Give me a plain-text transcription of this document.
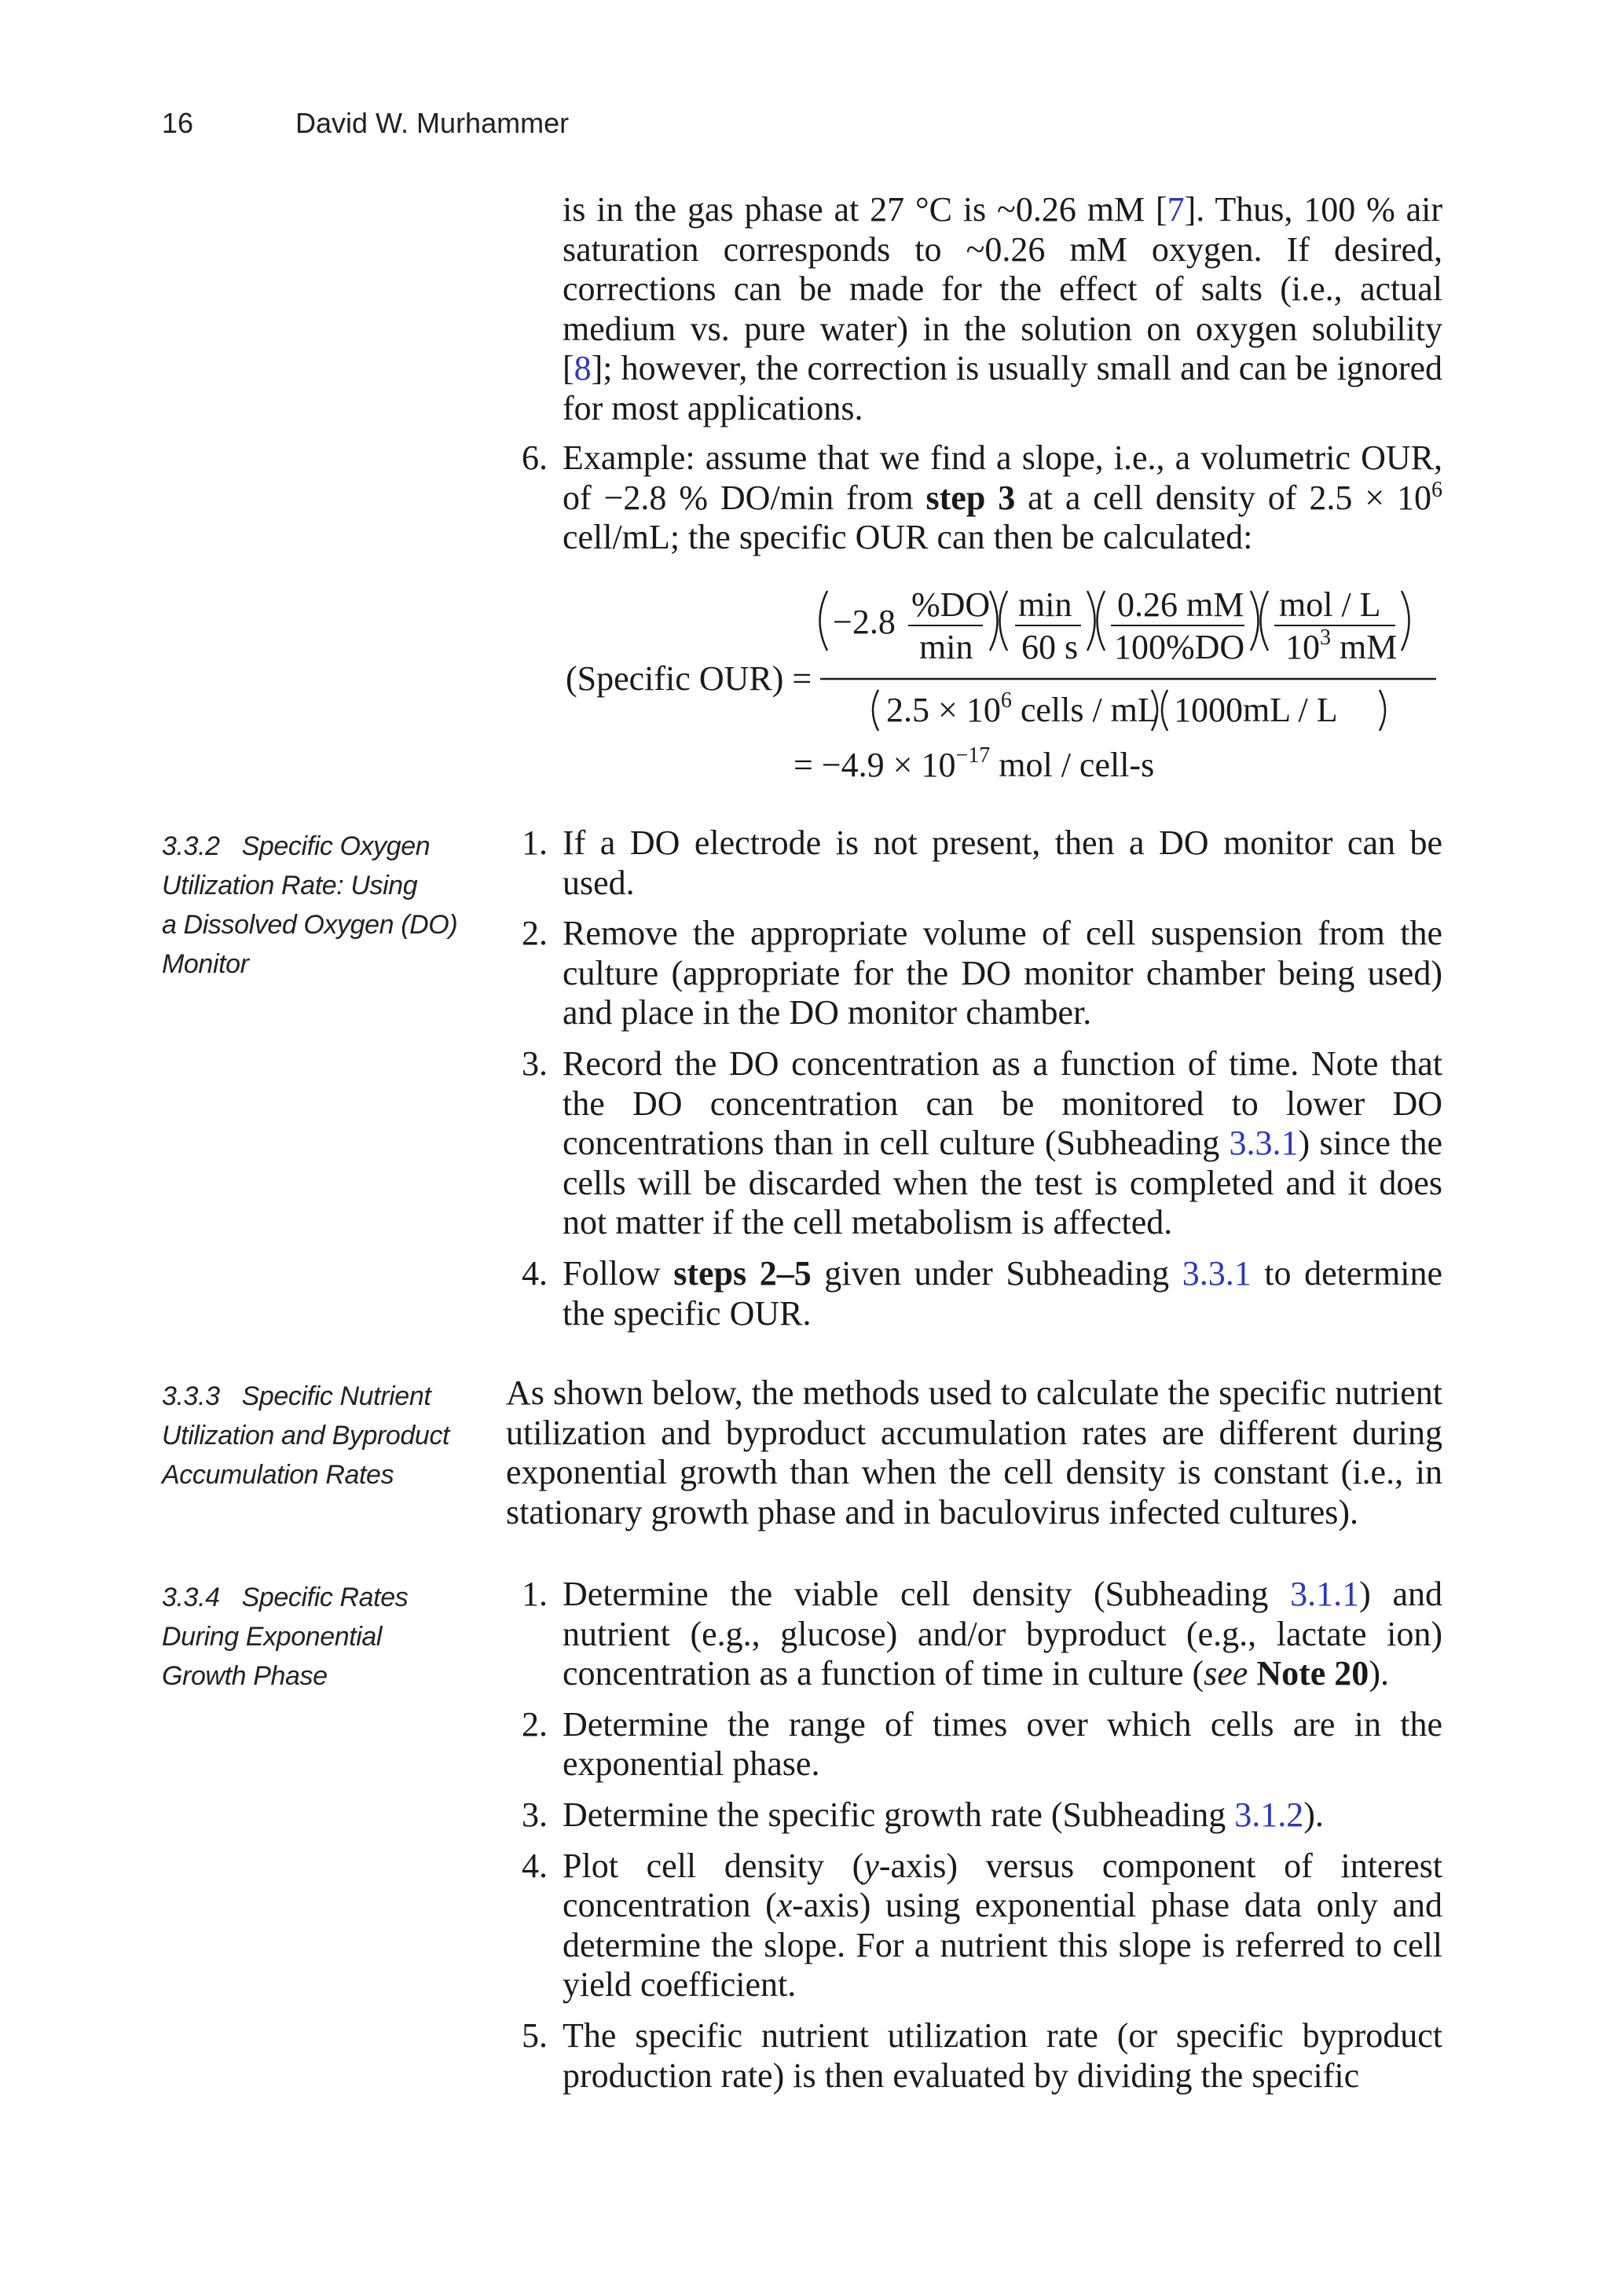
16	David W. Murhammer
is in the gas phase at 27 °C is ~0.26 mM [7]. Thus, 100 % air saturation corresponds to ~0.26 mM oxygen. If desired, corrections can be made for the effect of salts (i.e., actual medium vs. pure water) in the solution on oxygen solubility [8]; however, the correction is usually small and can be ignored for most applications.
6. Example: assume that we find a slope, i.e., a volumetric OUR, of −2.8 % DO/min from step 3 at a cell density of $2.5 \times 10^6$ cell/mL; the specific OUR can then be calculated:
(Specific OUR) =
−2.8 %DO
min
min
60 s
0.26 mM
100%DO
mol / L
$10^3$ mM
$2.5 \times 10^6$ cells / mL 1000mL / L
= $-4.9 \times 10^{-17}$ mol / cell-s
3.3.2 Specific Oxygen
Utilization Rate: Using
a Dissolved Oxygen (DO)
Monitor
1. If a DO electrode is not present, then a DO monitor can be used.
2. Remove the appropriate volume of cell suspension from the culture (appropriate for the DO monitor chamber being used) and place in the DO monitor chamber.
3. Record the DO concentration as a function of time. Note that the DO concentration can be monitored to lower DO concentrations than in cell culture (Subheading 3.3.1) since the cells will be discarded when the test is completed and it does not matter if the cell metabolism is affected.
4. Follow steps 2–5 given under Subheading 3.3.1 to determine the specific OUR.
3.3.3 Specific Nutrient
Utilization and Byproduct
Accumulation Rates
As shown below, the methods used to calculate the specific nutrient utilization and byproduct accumulation rates are different during exponential growth than when the cell density is constant (i.e., in stationary growth phase and in baculovirus infected cultures).
3.3.4 Specific Rates
During Exponential
Growth Phase
1. Determine the viable cell density (Subheading 3.1.1) and nutrient (e.g., glucose) and/or byproduct (e.g., lactate ion) concentration as a function of time in culture (see Note 20).
2. Determine the range of times over which cells are in the exponential phase.
3. Determine the specific growth rate (Subheading 3.1.2).
4. Plot cell density (y-axis) versus component of interest concentration (x-axis) using exponential phase data only and determine the slope. For a nutrient this slope is referred to cell yield coefficient.
5. The specific nutrient utilization rate (or specific byproduct production rate) is then evaluated by dividing the specific
